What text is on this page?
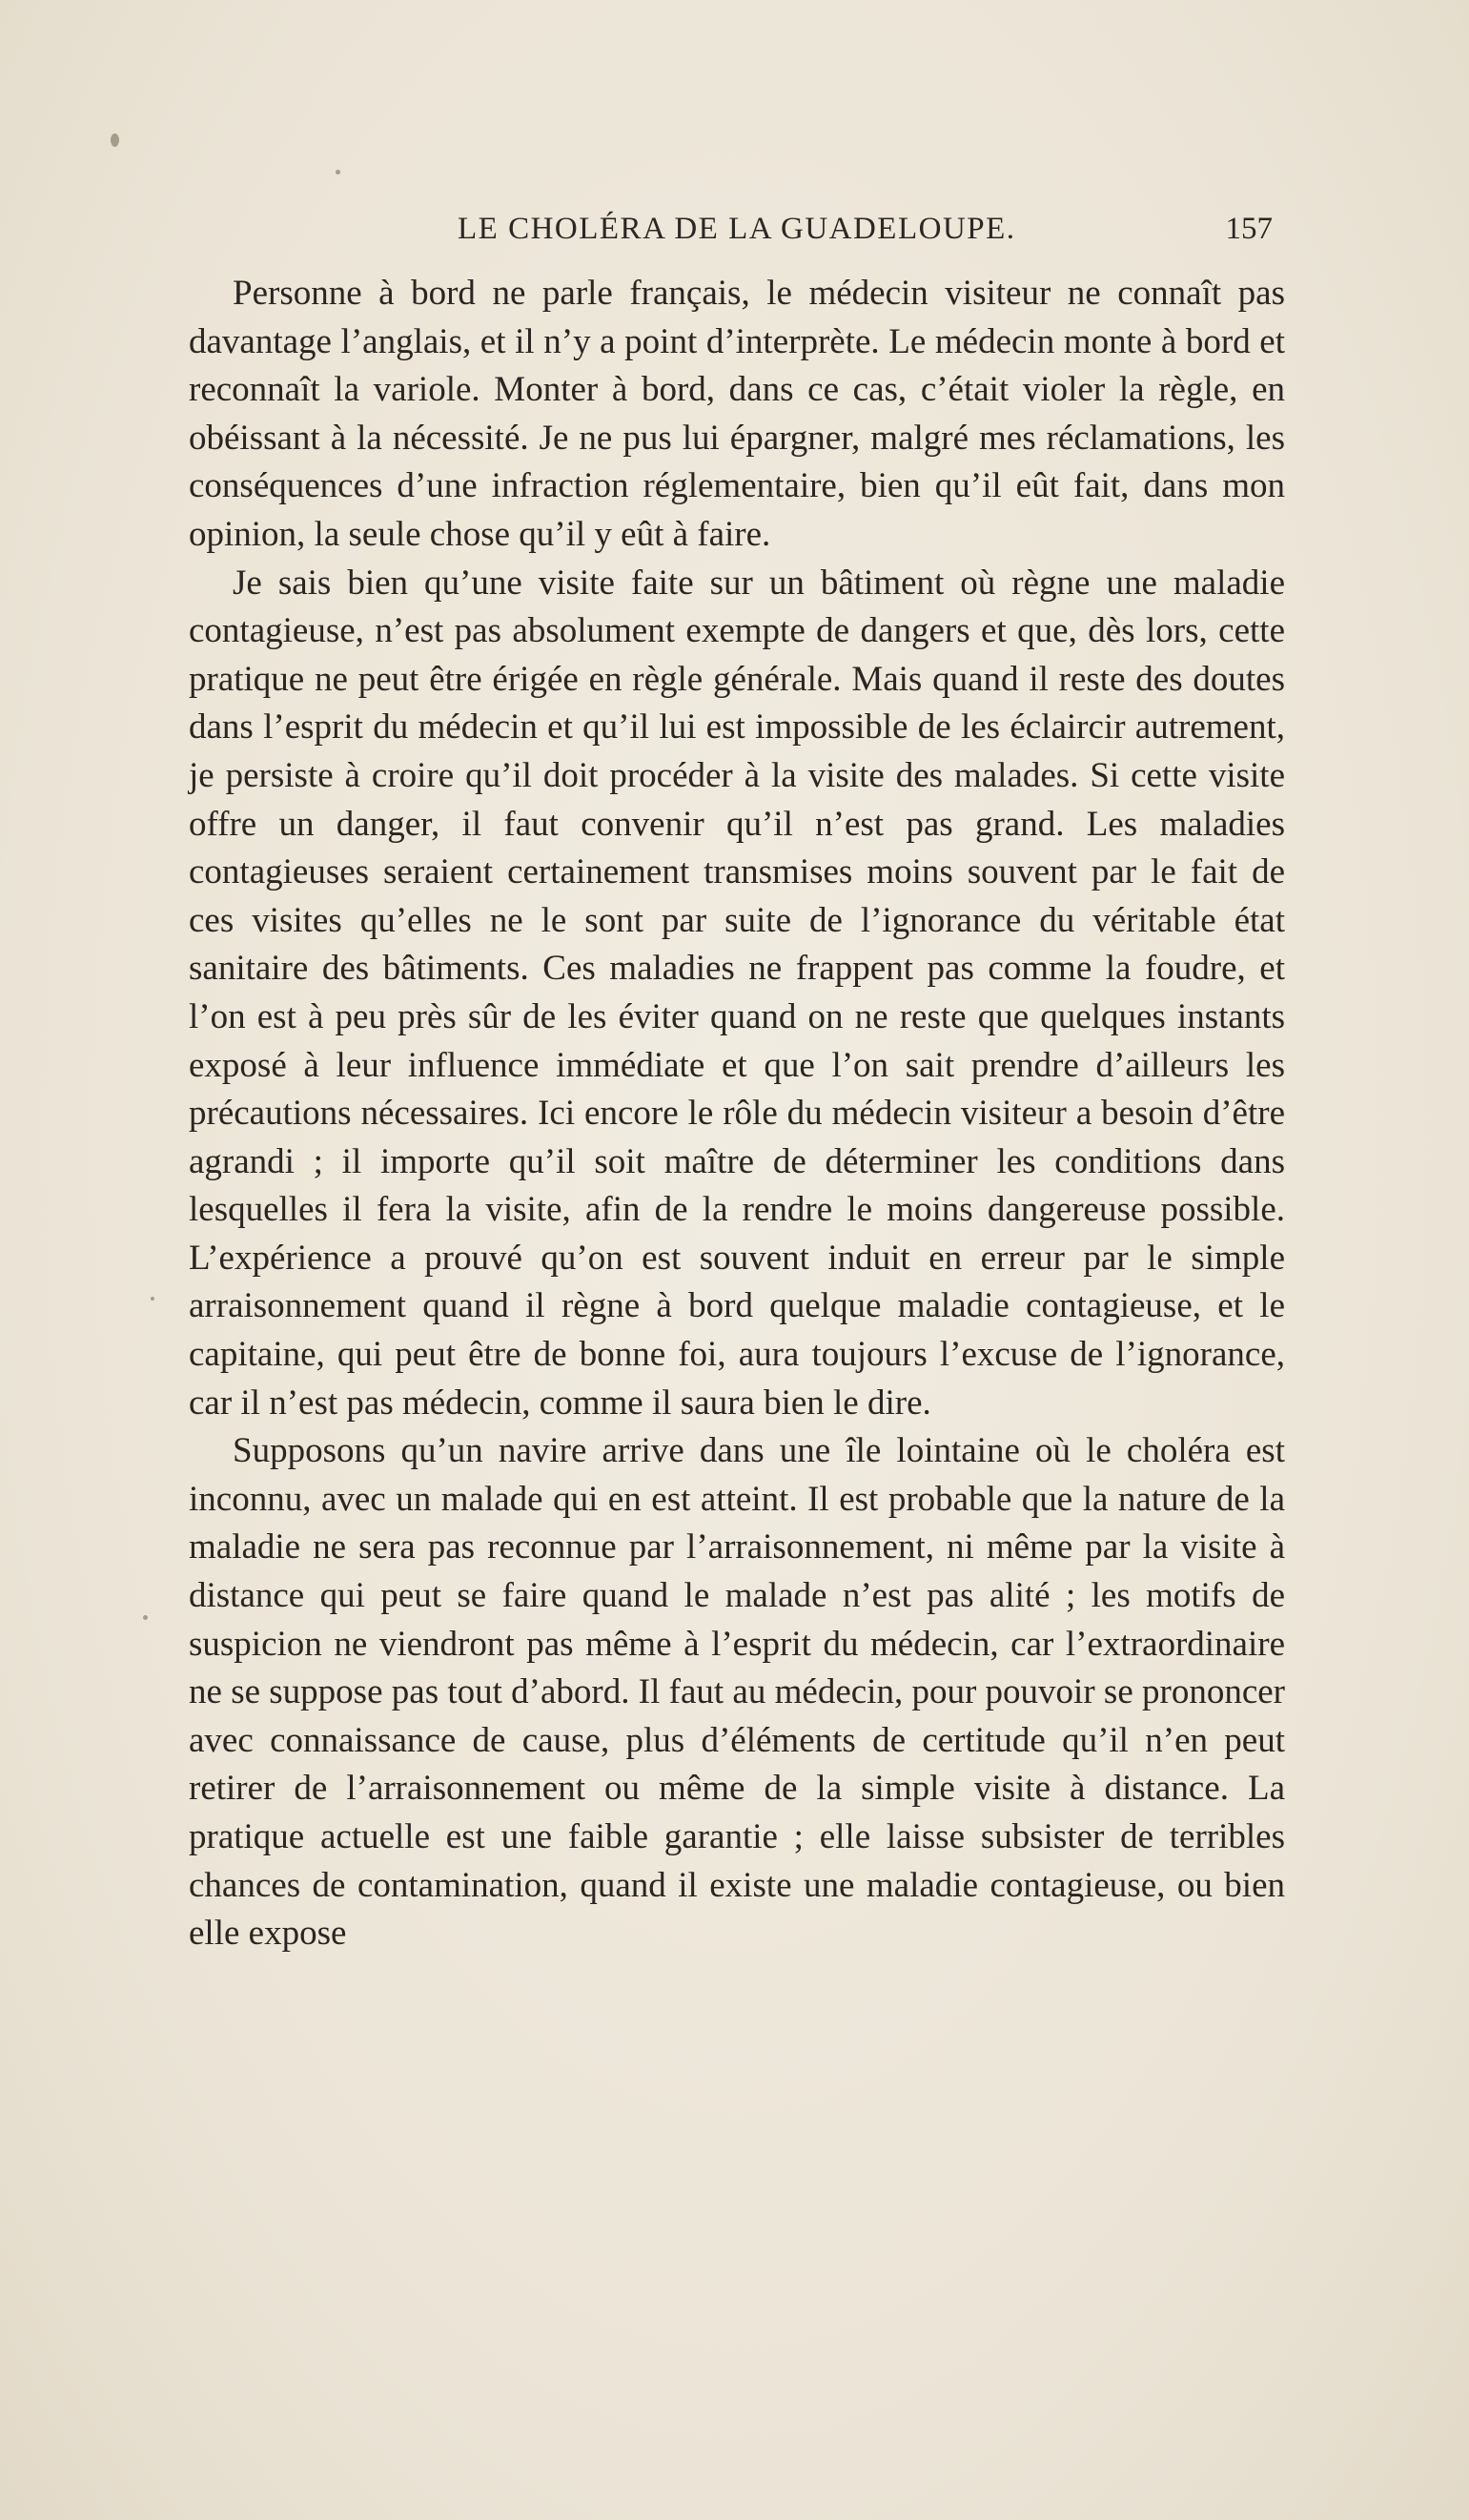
LE CHOLÉRA DE LA GUADELOUPE.	157

Personne à bord ne parle français, le médecin visiteur ne connaît pas davantage l’anglais, et il n’y a point d’interprète. Le médecin monte à bord et reconnaît la variole. Monter à bord, dans ce cas, c’était violer la règle, en obéissant à la nécessité. Je ne pus lui épargner, malgré mes réclamations, les conséquences d’une infraction réglementaire, bien qu’il eût fait, dans mon opinion, la seule chose qu’il y eût à faire.

Je sais bien qu’une visite faite sur un bâtiment où règne une maladie contagieuse, n’est pas absolument exempte de dangers et que, dès lors, cette pratique ne peut être érigée en règle générale. Mais quand il reste des doutes dans l’esprit du médecin et qu’il lui est impossible de les éclaircir autrement, je persiste à croire qu’il doit procéder à la visite des malades. Si cette visite offre un danger, il faut convenir qu’il n’est pas grand. Les maladies contagieuses seraient certainement transmises moins souvent par le fait de ces visites qu’elles ne le sont par suite de l’ignorance du véritable état sanitaire des bâtiments. Ces maladies ne frappent pas comme la foudre, et l’on est à peu près sûr de les éviter quand on ne reste que quelques instants exposé à leur influence immédiate et que l’on sait prendre d’ailleurs les précautions nécessaires. Ici encore le rôle du médecin visiteur a besoin d’être agrandi ; il importe qu’il soit maître de déterminer les conditions dans lesquelles il fera la visite, afin de la rendre le moins dangereuse possible. L’expérience a prouvé qu’on est souvent induit en erreur par le simple arraisonnement quand il règne à bord quelque maladie contagieuse, et le capitaine, qui peut être de bonne foi, aura toujours l’excuse de l’ignorance, car il n’est pas médecin, comme il saura bien le dire.

Supposons qu’un navire arrive dans une île lointaine où le choléra est inconnu, avec un malade qui en est atteint. Il est probable que la nature de la maladie ne sera pas reconnue par l’arraisonnement, ni même par la visite à distance qui peut se faire quand le malade n’est pas alité ; les motifs de suspicion ne viendront pas même à l’esprit du médecin, car l’extraordinaire ne se suppose pas tout d’abord. Il faut au médecin, pour pouvoir se prononcer avec connaissance de cause, plus d’éléments de certitude qu’il n’en peut retirer de l’arraisonnement ou même de la simple visite à distance. La pratique actuelle est une faible garantie ; elle laisse subsister de terribles chances de contamination, quand il existe une maladie contagieuse, ou bien elle expose
